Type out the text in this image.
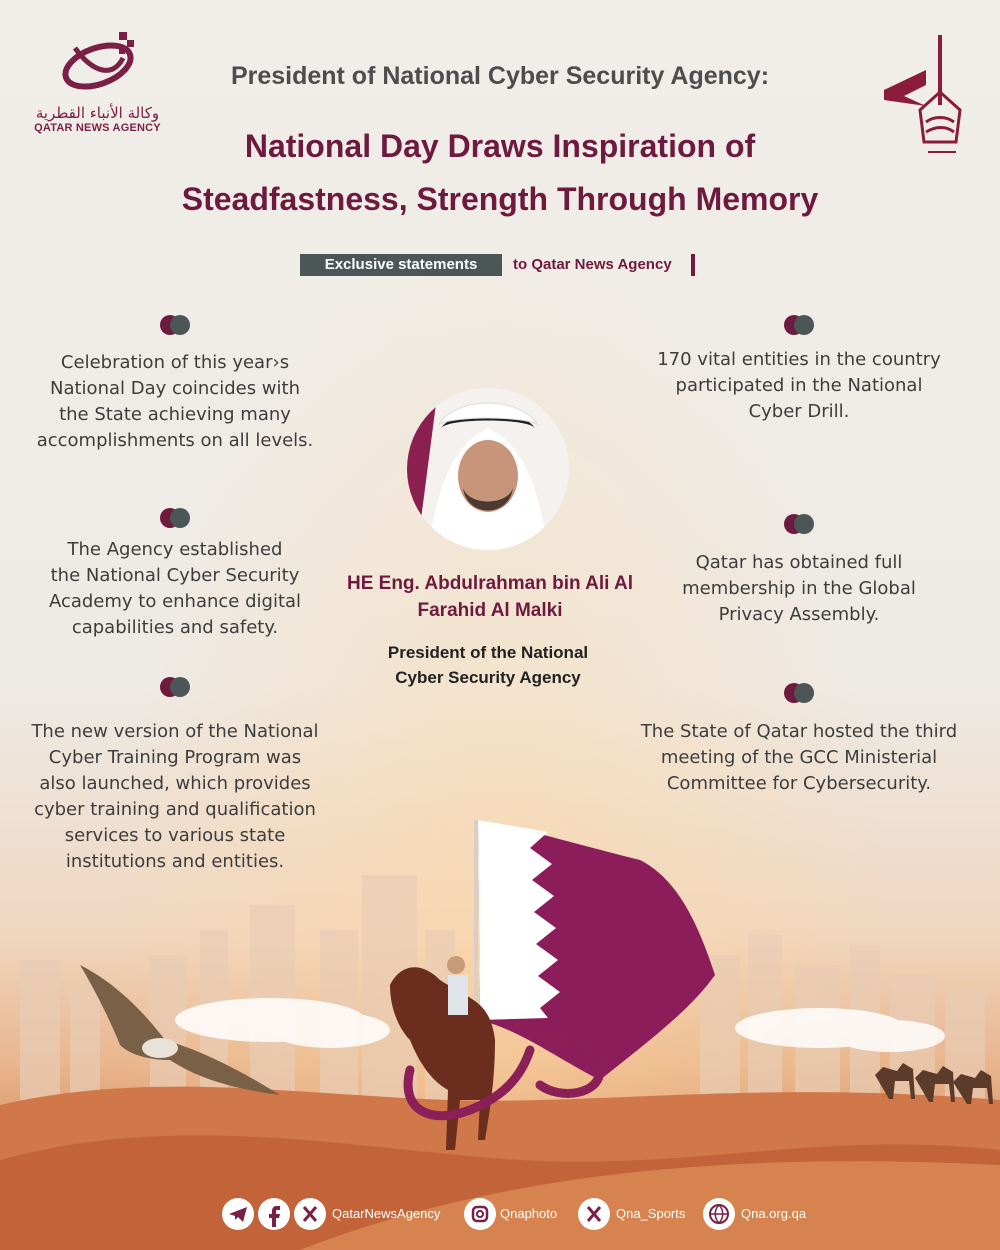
وكالة الأنباء القطرية
QATAR NEWS AGENCY
President of National Cyber Security Agency:
National Day Draws Inspiration of
Steadfastness, Strength Through Memory
Exclusive statements	to Qatar News Agency
Celebration of this year›s
National Day coincides with
the State achieving many
accomplishments on all levels.
The Agency established
the National Cyber Security
Academy to enhance digital
capabilities and safety.
The new version of the National
Cyber Training Program was
also launched, which provides
cyber training and qualification
services to various state
institutions and entities.
170 vital entities in the country
participated in the National
Cyber Drill.
Qatar has obtained full
membership in the Global
Privacy Assembly.
The State of Qatar hosted the third
meeting of the GCC Ministerial
Committee for Cybersecurity.
HE Eng. Abdulrahman bin Ali Al
Farahid Al Malki
President of the National
Cyber Security Agency
QatarNewsAgency	Qnaphoto	Qna_Sports	Qna.org.qa
